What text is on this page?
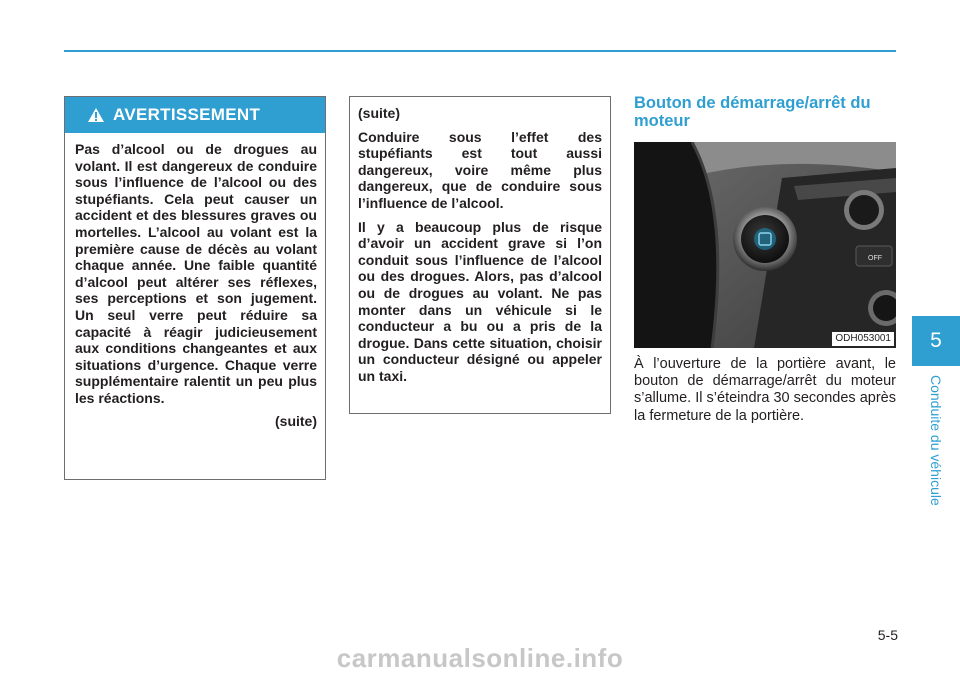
AVERTISSEMENT

Pas d’alcool ou de drogues au volant. Il est dangereux de conduire sous l’influence de l’alcool ou des stupéfiants. Cela peut causer un accident et des blessures graves ou mortelles. L’alcool au volant est la première cause de décès au volant chaque année. Une faible quantité d’alcool peut altérer ses réflexes, ses perceptions et son jugement. Un seul verre peut réduire sa capacité à réagir judicieusement aux conditions changeantes et aux situations d’urgence. Chaque verre supplémentaire ralentit un peu plus les réactions.

(suite)

(suite)

Conduire sous l’effet des stupéfiants est tout aussi dangereux, voire même plus dangereux, que de conduire sous l’influence de l’alcool.

Il y a beaucoup plus de risque d’avoir un accident grave si l’on conduit sous l’influence de l’alcool ou des drogues. Alors, pas d’alcool ou de drogues au volant. Ne pas monter dans un véhicule si le conducteur a bu ou a pris de la drogue. Dans cette situation, choisir un conducteur désigné ou appeler un taxi.

Bouton de démarrage/arrêt du moteur
OFF
ODH053001

À l’ouverture de la portière avant, le bouton de démarrage/arrêt du moteur s’allume. Il s’éteindra 30 secondes après la fermeture de la portière.

5
Conduite du véhicule
5-5
carmanualsonline.info
